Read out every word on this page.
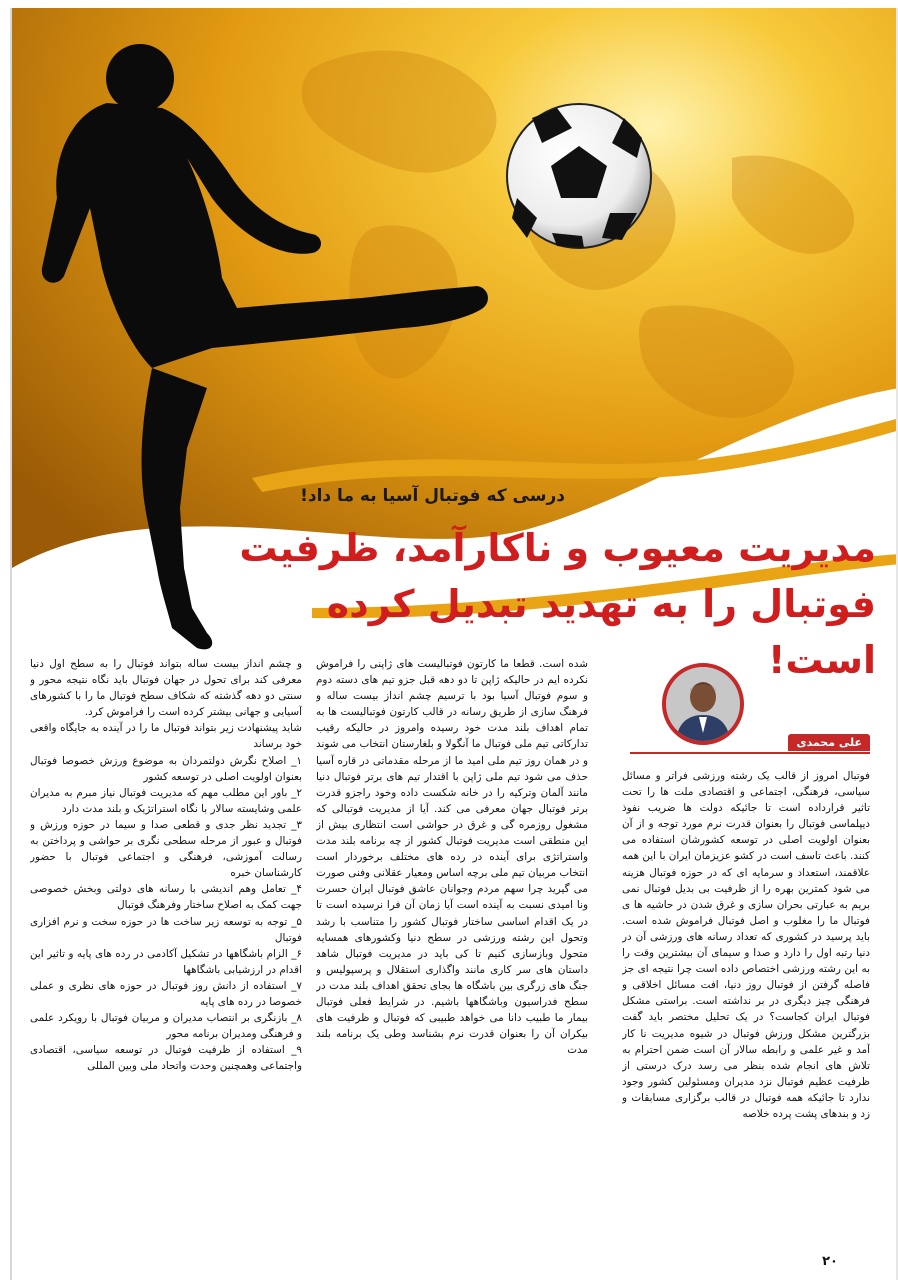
درسی که فوتبال آسیا به ما داد!
مدیریت معیوب و ناکارآمد، ظرفیت
فوتبال را به تهدید تبدیل کرده است!
علی محمدی

فوتبال امروز از قالب یک رشته ورزشی فراتر و مسائل سیاسی، فرهنگی، اجتماعی و اقتصادی ملت ها را تحت تاثیر قرارداده است تا جائیکه دولت ها ضریب نفوذ دیپلماسی فوتبال را بعنوان قدرت نرم مورد توجه و از آن بعنوان اولویت اصلی در توسعه کشورشان استفاده می کنند. باعث تاسف است در کشو عزیزمان ایران با این همه علاقمند، استعداد و سرمایه ای که در حوزه فوتبال هزینه می شود کمترین بهره را از ظرفیت بی بدیل فوتبال نمی بریم به عبارتی بحران سازی و غرق شدن در حاشیه ها ی فوتبال ما را مغلوب و اصل فوتبال فراموش شده است. باید پرسید در کشوری که تعداد رسانه های ورزشی آن در دنیا رتبه اول را دارد و صدا و سیمای آن بیشترین وقت را به این رشته ورزشی اختصاص داده است چرا نتیجه ای جز فاصله گرفتن از فوتبال روز دنیا، افت مسائل اخلاقی و فرهنگی چیز دیگری در بر نداشته است. براستی مشکل فوتبال ایران کجاست؟ در یک تحلیل مختصر باید گفت بزرگترین مشکل ورزش فوتبال در شیوه مدیریت نا کار آمد و غیر علمی و رابطه سالار آن است ضمن احترام به تلاش های انجام شده بنظر می رسد درک درستی از ظرفیت عظیم فوتبال نزد مدیران ومسئولین کشور وجود ندارد تا جائیکه همه فوتبال در قالب برگزاری مسابقات و زد و بندهای پشت پرده خلاصه

شده است. قطعا ما کارتون فوتبالیست های ژاپنی را فراموش نکرده ایم در حالیکه ژاپن تا دو دهه قبل جزو تیم های دسته دوم و سوم فوتبال آسیا بود با ترسیم چشم انداز بیست ساله و فرهنگ سازی از طریق رسانه در قالب کارتون فوتبالیست ها به تمام اهداف بلند مدت خود رسیده وامروز در حالیکه رقیب تدارکاتی تیم ملی فوتبال ما آنگولا و بلغارستان انتخاب می شوند و در همان روز تیم ملی امید ما از مرحله مقدماتی در قاره آسیا حذف می شود تیم ملی ژاپن با اقتدار تیم های برتر فوتبال دنیا مانند آلمان وترکیه را در خانه شکست داده وخود راجزو قدرت برتر فوتبال جهان معرفی می کند. آیا از مدیریت فوتبالی که مشغول روزمره گی و غرق در حواشی است انتظاری بیش از این منطقی است مدیریت فوتبال کشور از چه برنامه بلند مدت واستراتژی برای آینده در رده های مختلف برخوردار است انتخاب مربیان تیم ملی برچه اساس ومعیار عقلانی وفنی صورت می گیرید چرا سهم مردم وجوانان عاشق فوتبال ایران حسرت ونا امیدی نسبت به آینده است آیا زمان آن فرا نرسیده است تا در یک اقدام اساسی ساختار فوتبال کشور را متناسب با رشد وتحول این رشته ورزشی در سطح دنیا وکشورهای همسایه متحول وبازسازی کنیم تا کی باید در مدیریت فوتبال شاهد داستان های سر کاری مانند واگذاری استقلال و پرسپولیس و جنگ های زرگری بین باشگاه ها بجای تحقق اهداف بلند مدت در سطح فدراسیون وباشگاهها باشیم. در شرایط فعلی فوتبال بیمار ما طبیب دانا می خواهد طبیبی که فوتبال و ظرفیت های بیکران آن را بعنوان قدرت نرم بشناسد وطی یک برنامه بلند مدت

و چشم انداز بیست ساله بتواند فوتبال را به سطح اول دنیا معرفی کند برای تحول در جهان فوتبال باید نگاه نتیجه محور و سنتی دو دهه گذشته که شکاف سطح فوتبال ما را با کشورهای آسیایی و جهانی بیشتر کرده است را فراموش کرد.

شاید پیشنهادت زیر بتواند فوتبال ما را در آینده به جایگاه واقعی خود برساند

۱_ اصلاح نگرش دولتمردان به موضوع ورزش خصوصا فوتبال بعنوان اولویت اصلی در توسعه کشور

۲_ باور این مطلب مهم که مدیریت فوتبال نیاز مبرم به مدیران علمی وشایسته سالار با نگاه استراتژیک و بلند مدت دارد

۳_ تجدید نظر جدی و قطعی صدا و سیما در حوزه ورزش و فوتبال و عبور از مرحله سطحی نگری بر حواشی و پرداختن به رسالت آموزشی، فرهنگی و اجتماعی فوتبال با حضور کارشناسان خبره

۴_ تعامل وهم اندیشی با رسانه های دولتی وبخش خصوصی جهت کمک به اصلاح ساختار وفرهنگ فوتبال

۵_ توجه به توسعه زیر ساخت ها در حوزه سخت و نرم افزاری فوتبال

۶_ الزام باشگاهها در تشکیل آکادمی در رده های پایه و تاثیر این اقدام در ارزشیابی باشگاهها

۷_ استفاده از دانش روز فوتبال در حوزه های نظری و عملی خصوصا در رده های پایه

۸_ بازنگری بر انتصاب مدیران و مربیان فوتبال با رویکرد علمی و فرهنگی ومدیران برنامه محور

۹_ استفاده از ظرفیت فوتبال در توسعه سیاسی، اقتصادی واجتماعی وهمچنین وحدت واتحاد ملی وبین المللی

۲۰
